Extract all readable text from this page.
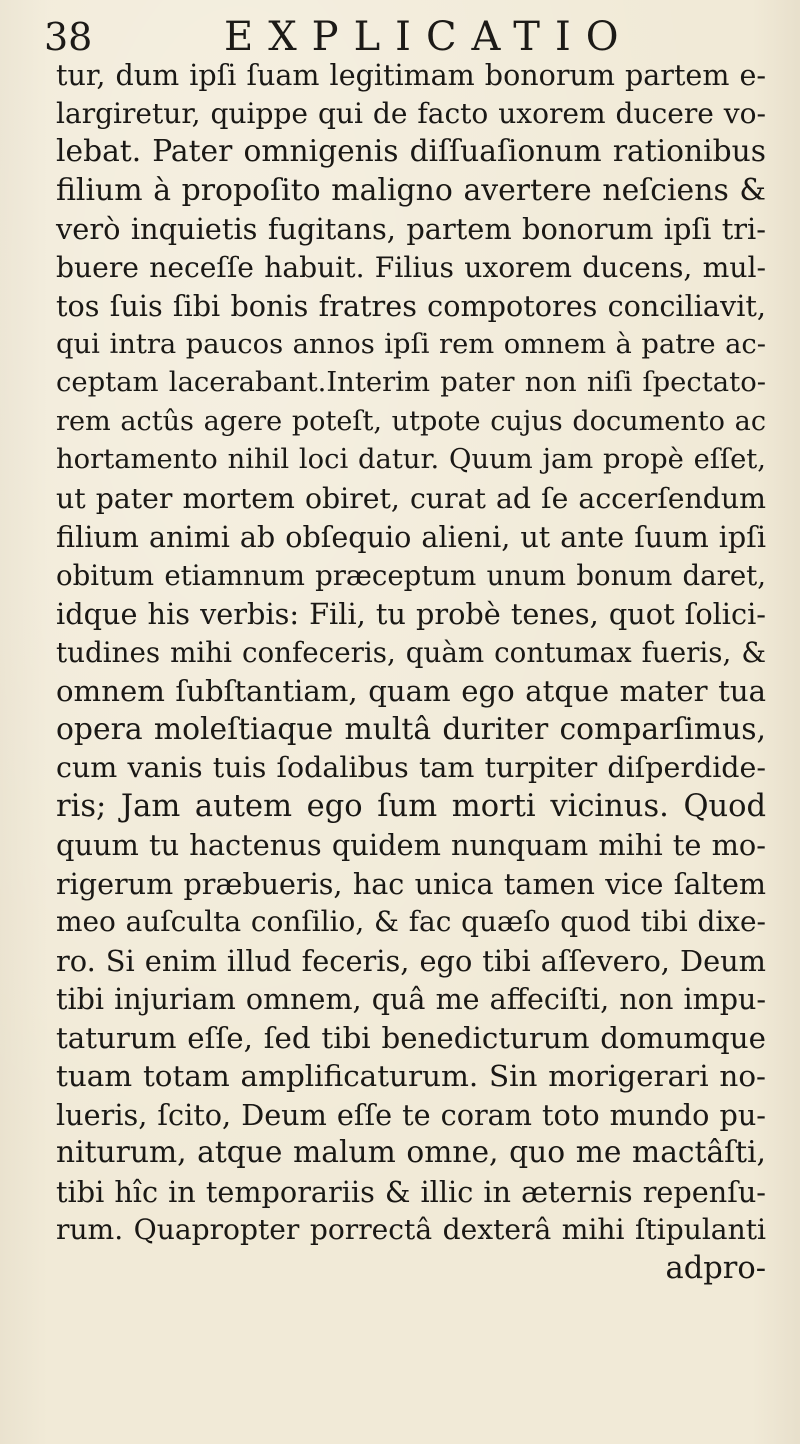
38	EXPLICATIO
tur, dum ipſi ſuam legitimam bonorum partem e-
largiretur, quippe qui de facto uxorem ducere vo-
lebat. Pater omnigenis diſſuaſionum rationibus
filium à propoſito maligno avertere neſciens &
verò inquietis fugitans, partem bonorum ipſi tri-
buere neceſſe habuit. Filius uxorem ducens, mul-
tos ſuis ſibi bonis fratres compotores conciliavit,
qui intra paucos annos ipſi rem omnem à patre ac-
ceptam lacerabant.Interim pater non niſi ſpectato-
rem actûs agere poteſt, utpote cujus documento ac
hortamento nihil loci datur. Quum jam propè eſſet,
ut pater mortem obiret, curat ad ſe accerſendum
filium animi ab obſequio alieni, ut ante ſuum ipſi
obitum etiamnum præceptum unum bonum daret,
idque his verbis: Fili, tu probè tenes, quot ſolici-
tudines mihi confeceris, quàm contumax fueris, &
omnem ſubſtantiam, quam ego atque mater tua
opera moleſtiaque multâ duriter comparſimus,
cum vanis tuis ſodalibus tam turpiter diſperdide-
ris; Jam autem ego ſum morti vicinus. Quod
quum tu hactenus quidem nunquam mihi te mo-
rigerum præbueris, hac unica tamen vice ſaltem
meo auſculta conſilio, & fac quæſo quod tibi dixe-
ro. Si enim illud feceris, ego tibi aſſevero, Deum
tibi injuriam omnem, quâ me affeciſti, non impu-
taturum eſſe, ſed tibi benedicturum domumque
tuam totam amplificaturum. Sin morigerari no-
lueris, ſcito, Deum eſſe te coram toto mundo pu-
niturum, atque malum omne, quo me mactâſti,
tibi hîc in temporariis & illic in æternis repenſu-
rum. Quapropter porrectâ dexterâ mihi ſtipulanti
adpro-
